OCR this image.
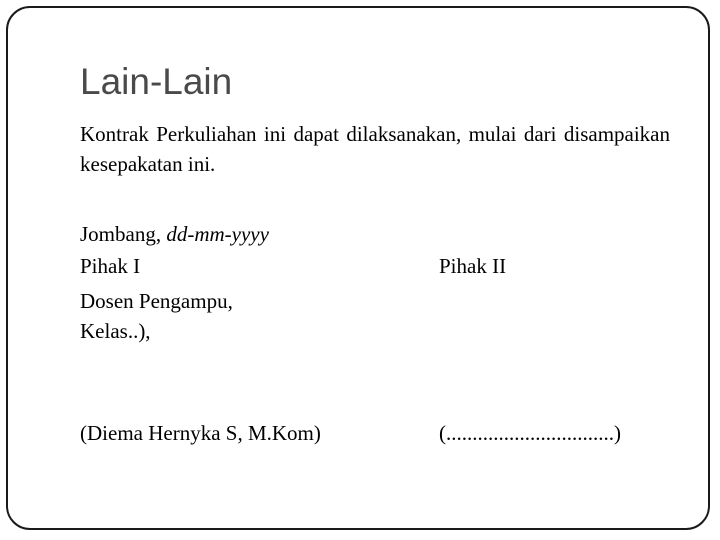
Lain-Lain

Kontrak Perkuliahan ini dapat dilaksanakan, mulai dari disampaikan kesepakatan ini.

Jombang, dd-mm-yyyy

Pihak I	Pihak II

Dosen Pengampu,

Kelas..),

(Diema Hernyka S, M.Kom)	(................................)
